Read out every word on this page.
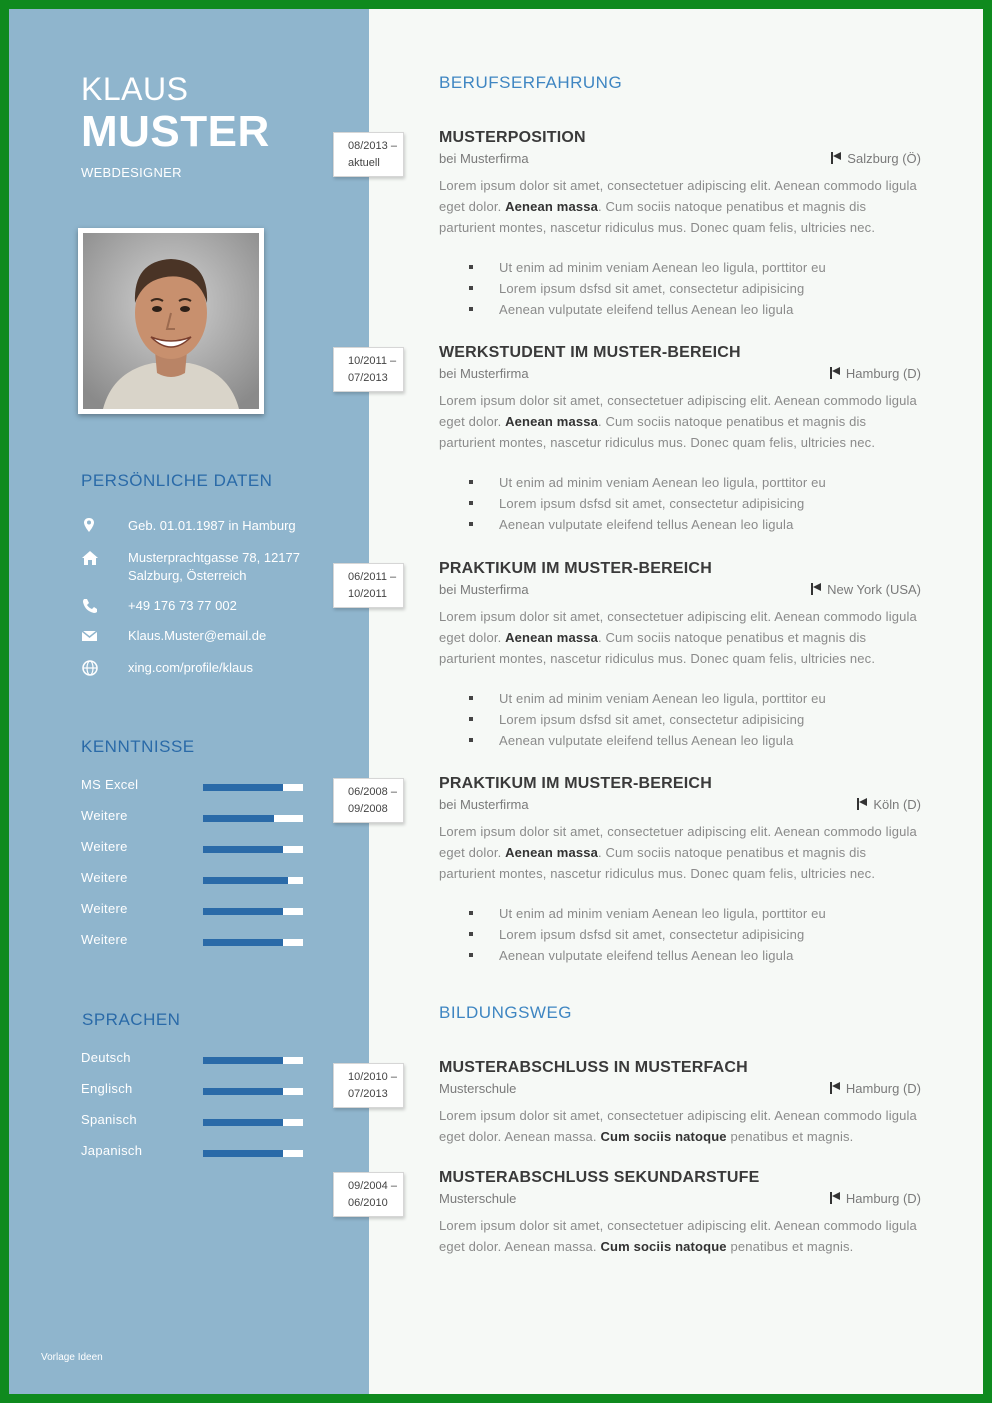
KLAUS
MUSTER
WEBDESIGNER
PERSÖNLICHE DATEN
Geb. 01.01.1987 in Hamburg
Musterprachtgasse 78, 12177 Salzburg, Österreich
+49 176 73 77 002
Klaus.Muster@email.de
xing.com/profile/klaus
KENNTNISSE
MS Excel
Weitere
Weitere
Weitere
Weitere
Weitere
SPRACHEN
Deutsch
Englisch
Spanisch
Japanisch
Vorlage Ideen
08/2013 –
aktuell
10/2011 –
07/2013
06/2011 –
10/2011
06/2008 –
09/2008
10/2010 –
07/2013
09/2004 –
06/2010
BERUFSERFAHRUNG
MUSTERPOSITION
bei Musterfirma	Salzburg (Ö)
Lorem ipsum dolor sit amet, consectetuer adipiscing elit. Aenean commodo ligula eget dolor. Aenean massa. Cum sociis natoque penatibus et magnis dis parturient montes, nascetur ridiculus mus. Donec quam felis, ultricies nec.
Ut enim ad minim veniam Aenean leo ligula, porttitor eu
Lorem ipsum dsfsd sit amet, consectetur adipisicing
Aenean vulputate eleifend tellus Aenean leo ligula
WERKSTUDENT IM MUSTER-BEREICH
bei Musterfirma	Hamburg (D)
Lorem ipsum dolor sit amet, consectetuer adipiscing elit. Aenean commodo ligula eget dolor. Aenean massa. Cum sociis natoque penatibus et magnis dis parturient montes, nascetur ridiculus mus. Donec quam felis, ultricies nec.
Ut enim ad minim veniam Aenean leo ligula, porttitor eu
Lorem ipsum dsfsd sit amet, consectetur adipisicing
Aenean vulputate eleifend tellus Aenean leo ligula
PRAKTIKUM IM MUSTER-BEREICH
bei Musterfirma	New York (USA)
Lorem ipsum dolor sit amet, consectetuer adipiscing elit. Aenean commodo ligula eget dolor. Aenean massa. Cum sociis natoque penatibus et magnis dis parturient montes, nascetur ridiculus mus. Donec quam felis, ultricies nec.
Ut enim ad minim veniam Aenean leo ligula, porttitor eu
Lorem ipsum dsfsd sit amet, consectetur adipisicing
Aenean vulputate eleifend tellus Aenean leo ligula
PRAKTIKUM IM MUSTER-BEREICH
bei Musterfirma	Köln (D)
Lorem ipsum dolor sit amet, consectetuer adipiscing elit. Aenean commodo ligula eget dolor. Aenean massa. Cum sociis natoque penatibus et magnis dis parturient montes, nascetur ridiculus mus. Donec quam felis, ultricies nec.
Ut enim ad minim veniam Aenean leo ligula, porttitor eu
Lorem ipsum dsfsd sit amet, consectetur adipisicing
Aenean vulputate eleifend tellus Aenean leo ligula
BILDUNGSWEG
MUSTERABSCHLUSS IN MUSTERFACH
Musterschule	Hamburg (D)
Lorem ipsum dolor sit amet, consectetuer adipiscing elit. Aenean commodo ligula eget dolor. Aenean massa. Cum sociis natoque penatibus et magnis.
MUSTERABSCHLUSS SEKUNDARSTUFE
Musterschule	Hamburg (D)
Lorem ipsum dolor sit amet, consectetuer adipiscing elit. Aenean commodo ligula eget dolor. Aenean massa. Cum sociis natoque penatibus et magnis.
